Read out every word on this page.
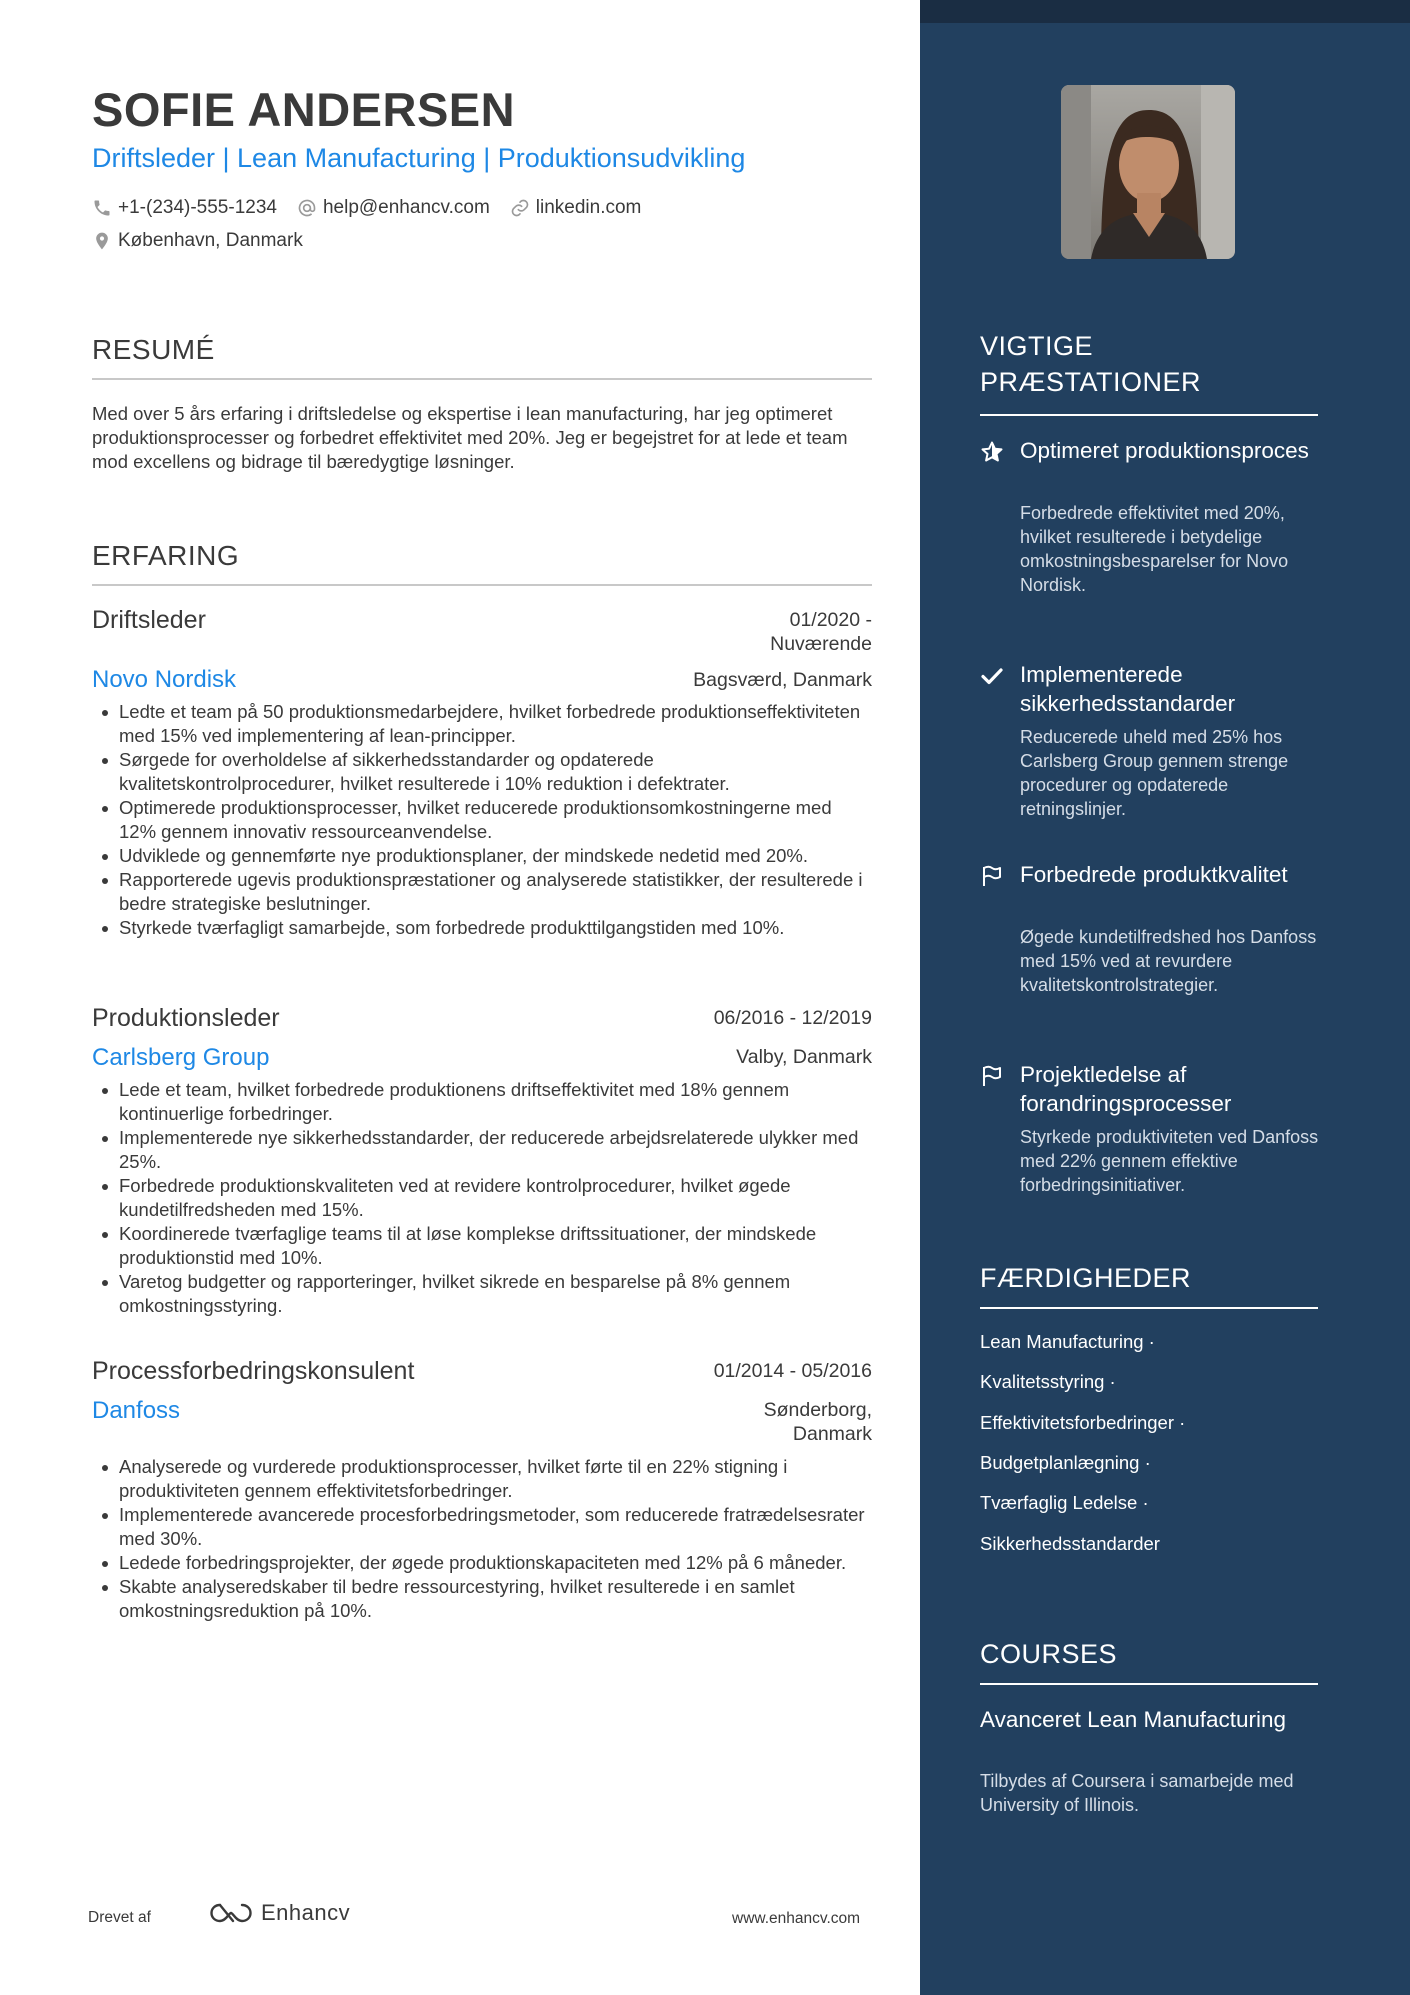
SOFIE ANDERSEN
Driftsleder | Lean Manufacturing | Produktionsudvikling
+1-(234)-555-1234 help@enhancv.com linkedin.com
København, Danmark
RESUMÉ
Med over 5 års erfaring i driftsledelse og ekspertise i lean manufacturing, har jeg optimeret produktionsprocesser og forbedret effektivitet med 20%. Jeg er begejstret for at lede et team mod excellens og bidrage til bæredygtige løsninger.
ERFARING
Driftsleder	01/2020 -
Nuværende
Novo Nordisk	Bagsværd, Danmark
Ledte et team på 50 produktionsmedarbejdere, hvilket forbedrede produktionseffektiviteten med 15% ved implementering af lean-principper.
Sørgede for overholdelse af sikkerhedsstandarder og opdaterede kvalitetskontrolprocedurer, hvilket resulterede i 10% reduktion i defektrater.
Optimerede produktionsprocesser, hvilket reducerede produktionsomkostningerne med 12% gennem innovativ ressourceanvendelse.
Udviklede og gennemførte nye produktionsplaner, der mindskede nedetid med 20%.
Rapporterede ugevis produktionspræstationer og analyserede statistikker, der resulterede i bedre strategiske beslutninger.
Styrkede tværfagligt samarbejde, som forbedrede produkttilgangstiden med 10%.
Produktionsleder	06/2016 - 12/2019
Carlsberg Group	Valby, Danmark
Lede et team, hvilket forbedrede produktionens driftseffektivitet med 18% gennem kontinuerlige forbedringer.
Implementerede nye sikkerhedsstandarder, der reducerede arbejdsrelaterede ulykker med 25%.
Forbedrede produktionskvaliteten ved at revidere kontrolprocedurer, hvilket øgede kundetilfredsheden med 15%.
Koordinerede tværfaglige teams til at løse komplekse driftssituationer, der mindskede produktionstid med 10%.
Varetog budgetter og rapporteringer, hvilket sikrede en besparelse på 8% gennem omkostningsstyring.
Processforbedringskonsulent	01/2014 - 05/2016
Danfoss	Sønderborg,
Danmark
Analyserede og vurderede produktionsprocesser, hvilket førte til en 22% stigning i produktiviteten gennem effektivitetsforbedringer.
Implementerede avancerede procesforbedringsmetoder, som reducerede fratrædelsesrater med 30%.
Ledede forbedringsprojekter, der øgede produktionskapaciteten med 12% på 6 måneder.
Skabte analyseredskaber til bedre ressourcestyring, hvilket resulterede i en samlet omkostningsreduktion på 10%.
Drevet af	Enhancv	www.enhancv.com
VIGTIGE
PRÆSTATIONER
Optimeret produktionsproces
Forbedrede effektivitet med 20%, hvilket resulterede i betydelige omkostningsbesparelser for Novo Nordisk.
Implementerede sikkerhedsstandarder
Reducerede uheld med 25% hos Carlsberg Group gennem strenge procedurer og opdaterede retningslinjer.
Forbedrede produktkvalitet
Øgede kundetilfredshed hos Danfoss med 15% ved at revurdere kvalitetskontrolstrategier.
Projektledelse af forandringsprocesser
Styrkede produktiviteten ved Danfoss med 22% gennem effektive forbedringsinitiativer.
FÆRDIGHEDER
Lean Manufacturing ·
Kvalitetsstyring ·
Effektivitetsforbedringer ·
Budgetplanlægning ·
Tværfaglig Ledelse ·
Sikkerhedsstandarder
COURSES
Avanceret Lean Manufacturing
Tilbydes af Coursera i samarbejde med University of Illinois.
